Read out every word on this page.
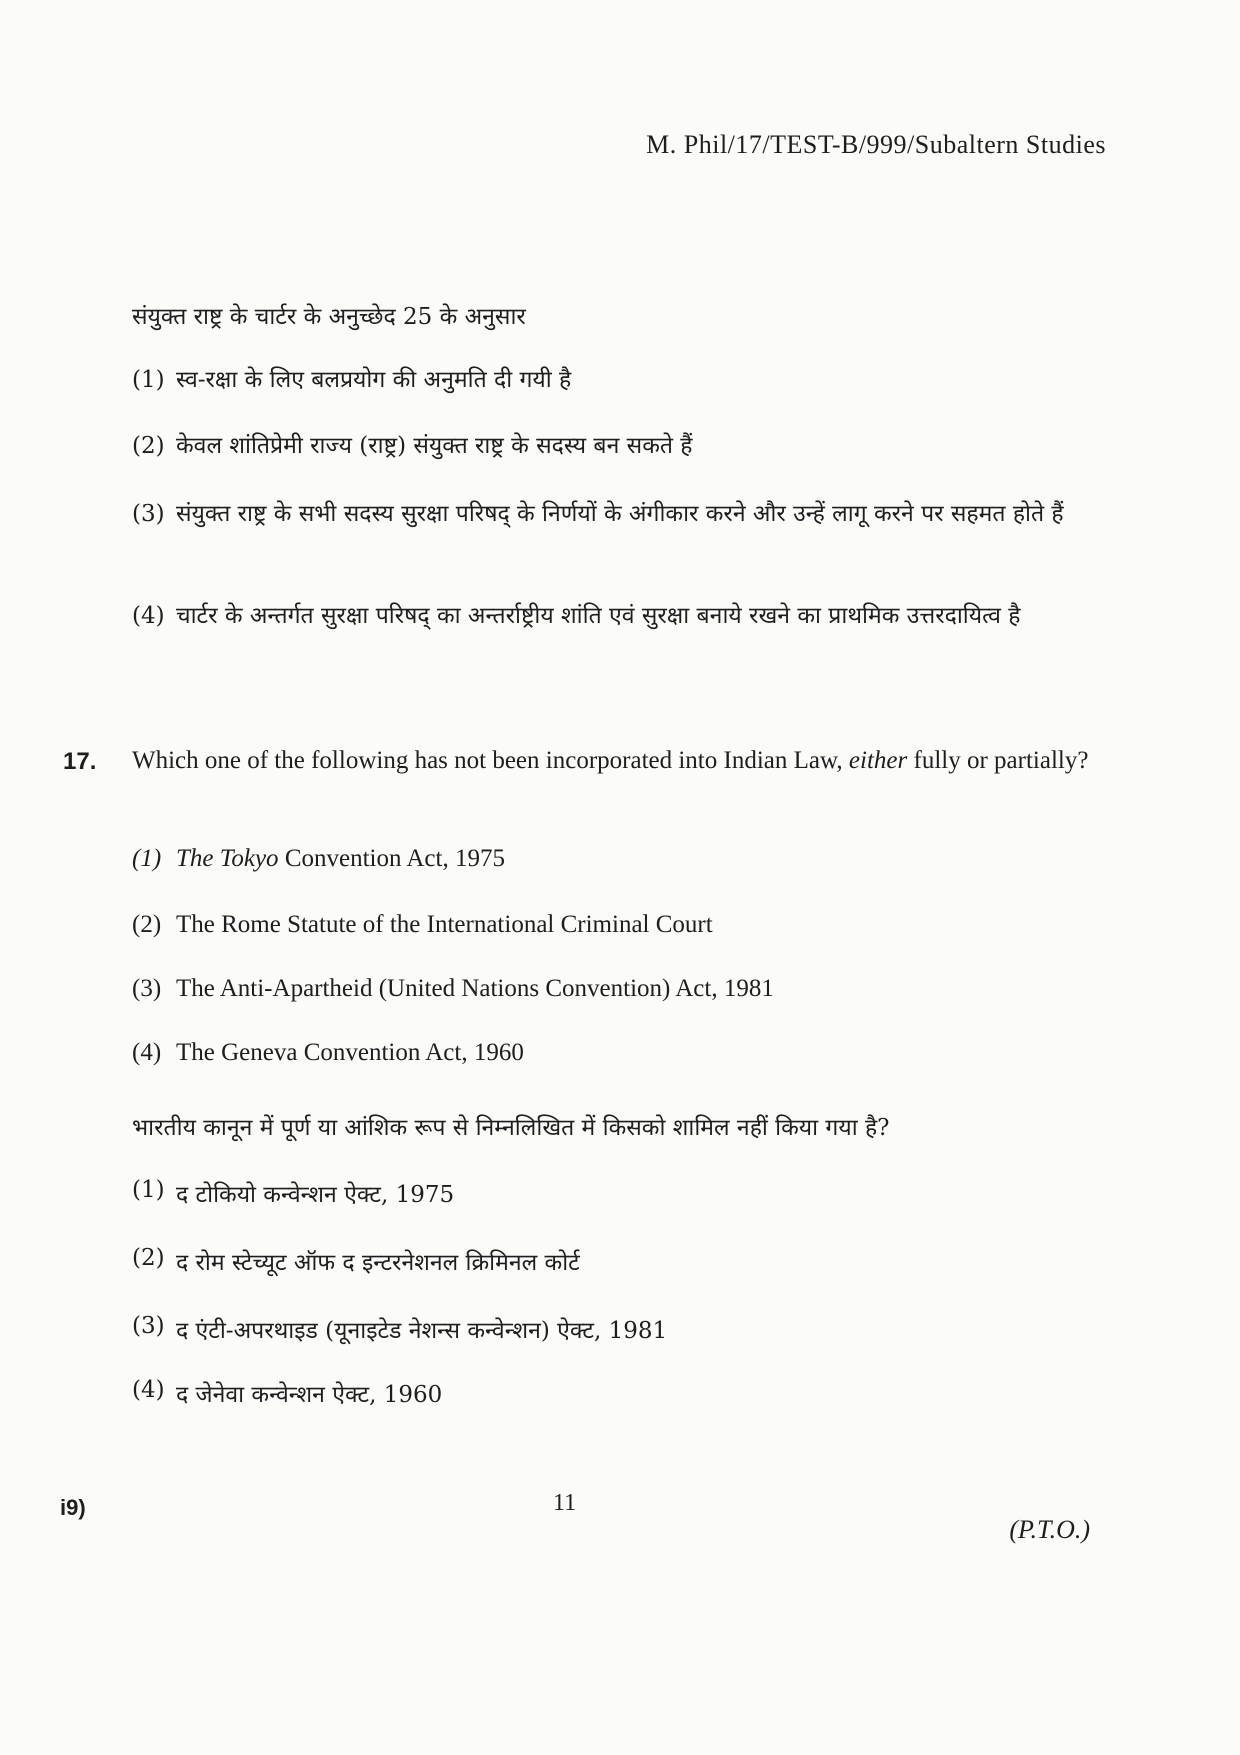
M. Phil/17/TEST-B/999/Subaltern Studies
संयुक्त राष्ट्र के चार्टर के अनुच्छेद 25 के अनुसार
(1) स्व-रक्षा के लिए बलप्रयोग की अनुमति दी गयी है
(2) केवल शांतिप्रेमी राज्य (राष्ट्र) संयुक्त राष्ट्र के सदस्य बन सकते हैं
(3) संयुक्त राष्ट्र के सभी सदस्य सुरक्षा परिषद् के निर्णयों के अंगीकार करने और उन्हें लागू करने पर सहमत होते हैं
(4) चार्टर के अन्तर्गत सुरक्षा परिषद् का अन्तर्राष्ट्रीय शांति एवं सुरक्षा बनाये रखने का प्राथमिक उत्तरदायित्व है
17. Which one of the following has not been incorporated into Indian Law, either fully or partially?
(1) The Tokyo Convention Act, 1975
(2) The Rome Statute of the International Criminal Court
(3) The Anti-Apartheid (United Nations Convention) Act, 1981
(4) The Geneva Convention Act, 1960
भारतीय कानून में पूर्ण या आंशिक रूप से निम्नलिखित में किसको शामिल नहीं किया गया है?
(1) द टोकियो कन्वेन्शन ऐक्ट, 1975
(2) द रोम स्टेच्यूट ऑफ द इन्टरनेशनल क्रिमिनल कोर्ट
(3) द एंटी-अपरथाइड (यूनाइटेड नेशन्स कन्वेन्शन) ऐक्ट, 1981
(4) द जेनेवा कन्वेन्शन ऐक्ट, 1960
i9)	11
(P.T.O.)
